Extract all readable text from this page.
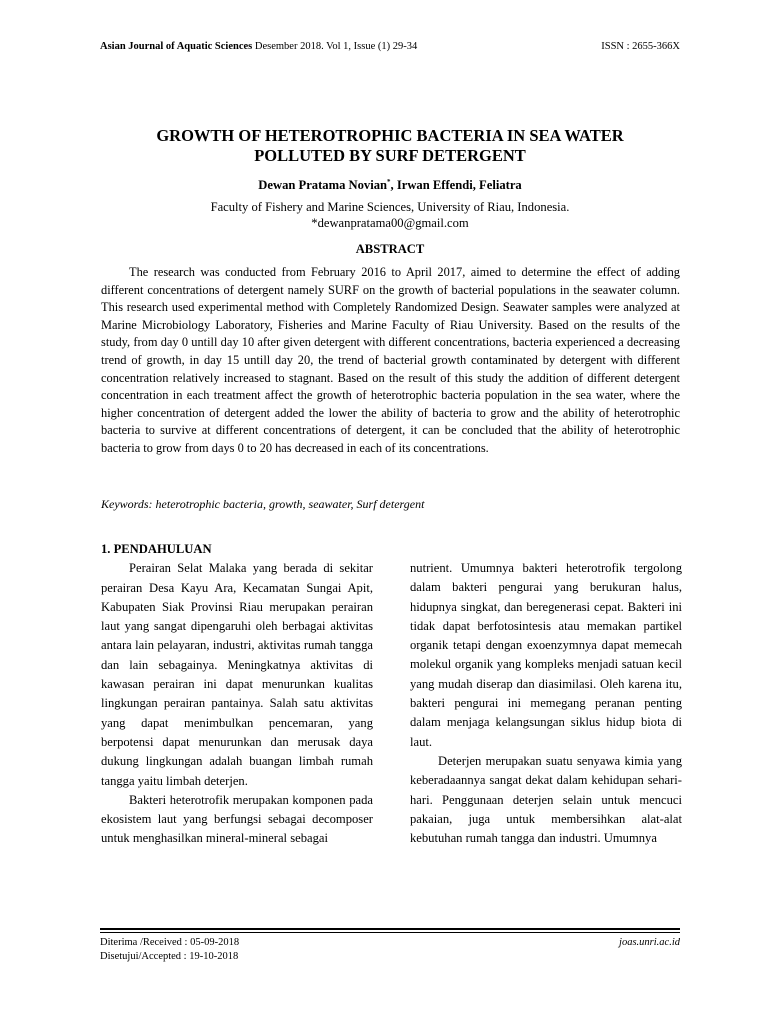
Asian Journal of Aquatic Sciences Desember 2018. Vol 1, Issue (1) 29-34	ISSN : 2655-366X
GROWTH OF HETEROTROPHIC BACTERIA IN SEA WATER
POLLUTED BY SURF DETERGENT
Dewan Pratama Novian*, Irwan Effendi, Feliatra
Faculty of Fishery and Marine Sciences, University of Riau, Indonesia.
*dewanpratama00@gmail.com
ABSTRACT

The research was conducted from February 2016 to April 2017, aimed to determine the effect of adding different concentrations of detergent namely SURF on the growth of bacterial populations in the seawater column. This research used experimental method with Completely Randomized Design. Seawater samples were analyzed at Marine Microbiology Laboratory, Fisheries and Marine Faculty of Riau University. Based on the results of the study, from day 0 untill day 10 after given detergent with different concentrations, bacteria experienced a decreasing trend of growth, in day 15 untill day 20, the trend of bacterial growth contaminated by detergent with different concentration relatively increased to stagnant. Based on the result of this study the addition of different detergent concentration in each treatment affect the growth of heterotrophic bacteria population in the sea water, where the higher concentration of detergent added the lower the ability of bacteria to grow and the ability of heterotrophic bacteria to survive at different concentrations of detergent, it can be concluded that the ability of heterotrophic bacteria to grow from days 0 to 20 has decreased in each of its concentrations.

Keywords: heterotrophic bacteria, growth, seawater, Surf detergent
1. PENDAHULUAN

Perairan Selat Malaka yang berada di sekitar perairan Desa Kayu Ara, Kecamatan Sungai Apit, Kabupaten Siak Provinsi Riau merupakan perairan laut yang sangat dipengaruhi oleh berbagai aktivitas antara lain pelayaran, industri, aktivitas rumah tangga dan lain sebagainya. Meningkatnya aktivitas di kawasan perairan ini dapat menurunkan kualitas lingkungan perairan pantainya. Salah satu aktivitas yang dapat menimbulkan pencemaran, yang berpotensi dapat menurunkan dan merusak daya dukung lingkungan adalah buangan limbah rumah tangga yaitu limbah deterjen.

Bakteri heterotrofik merupakan komponen pada ekosistem laut yang berfungsi sebagai decomposer untuk menghasilkan mineral-mineral sebagai

nutrient. Umumnya bakteri heterotrofik tergolong dalam bakteri pengurai yang berukuran halus, hidupnya singkat, dan beregenerasi cepat. Bakteri ini tidak dapat berfotosintesis atau memakan partikel organik tetapi dengan exoenzymnya dapat memecah molekul organik yang kompleks menjadi satuan kecil yang mudah diserap dan diasimilasi. Oleh karena itu, bakteri pengurai ini memegang peranan penting dalam menjaga kelangsungan siklus hidup biota di laut.

Deterjen merupakan suatu senyawa kimia yang keberadaannya sangat dekat dalam kehidupan sehari-hari. Penggunaan deterjen selain untuk mencuci pakaian, juga untuk membersihkan alat-alat kebutuhan rumah tangga dan industri. Umumnya

Diterima /Received : 05-09-2018
Disetujui/Accepted : 19-10-2018
joas.unri.ac.id
